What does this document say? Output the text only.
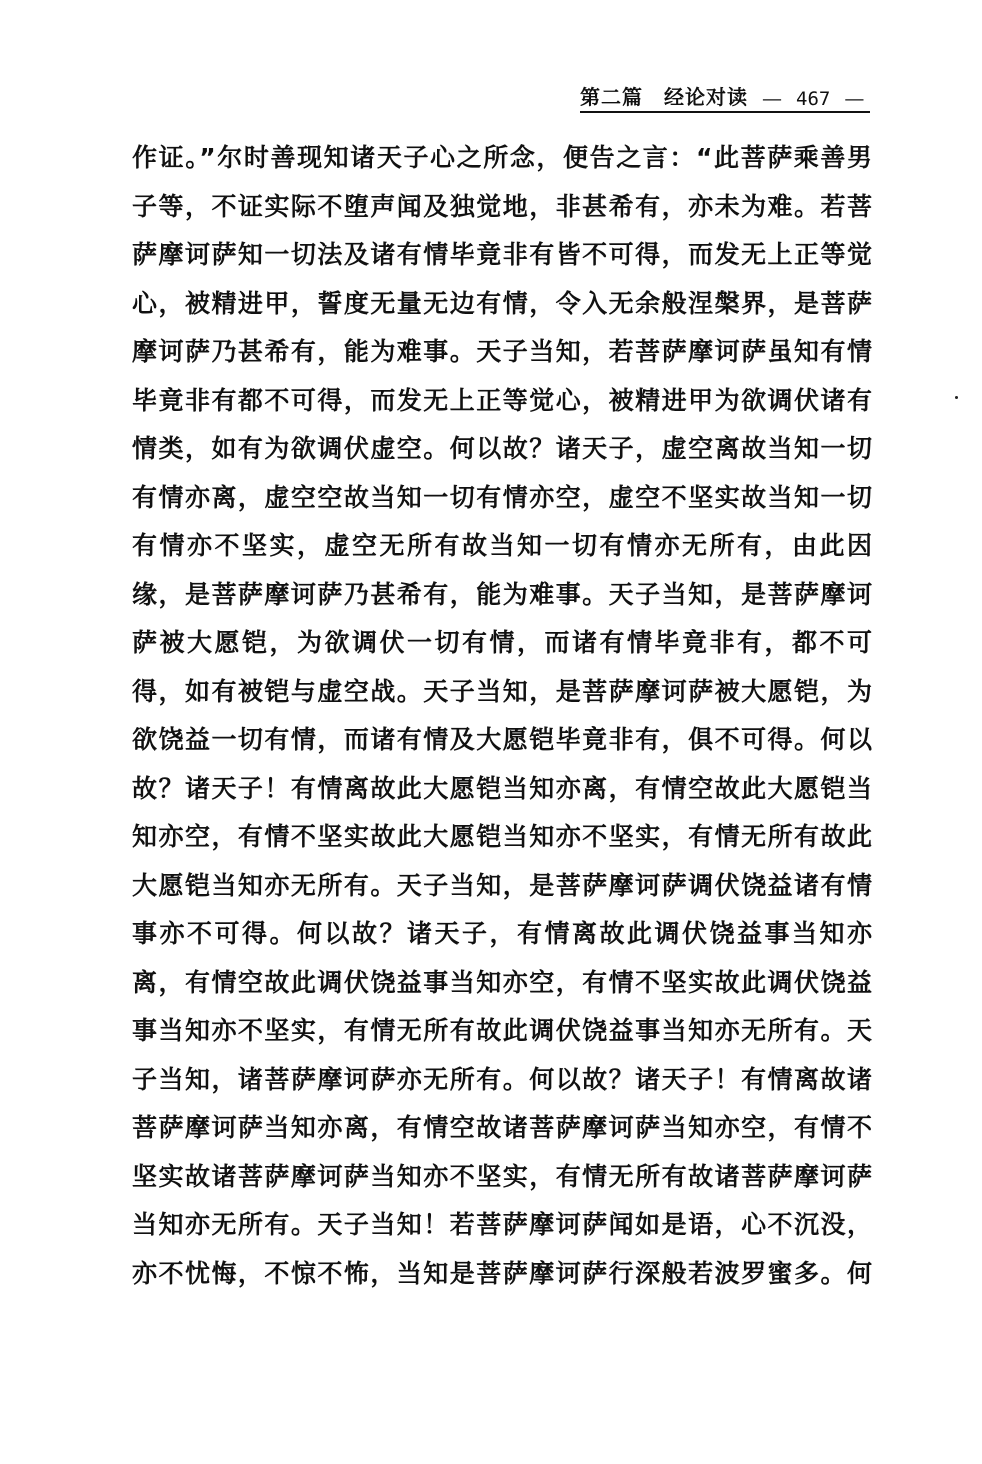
第二篇　经论对读 — 467 —
作证。”尔时善现知诸天子心之所念，便告之言：“此菩萨乘善男
子等，不证实际不堕声闻及独觉地，非甚希有，亦未为难。若菩
萨摩诃萨知一切法及诸有情毕竟非有皆不可得，而发无上正等觉
心，被精进甲，誓度无量无边有情，令入无余般涅槃界，是菩萨
摩诃萨乃甚希有，能为难事。天子当知，若菩萨摩诃萨虽知有情
毕竟非有都不可得，而发无上正等觉心，被精进甲为欲调伏诸有
情类，如有为欲调伏虚空。何以故？诸天子，虚空离故当知一切
有情亦离，虚空空故当知一切有情亦空，虚空不坚实故当知一切
有情亦不坚实，虚空无所有故当知一切有情亦无所有，由此因
缘，是菩萨摩诃萨乃甚希有，能为难事。天子当知，是菩萨摩诃
萨被大愿铠，为欲调伏一切有情，而诸有情毕竟非有，都不可
得，如有被铠与虚空战。天子当知，是菩萨摩诃萨被大愿铠，为
欲饶益一切有情，而诸有情及大愿铠毕竟非有，俱不可得。何以
故？诸天子！有情离故此大愿铠当知亦离，有情空故此大愿铠当
知亦空，有情不坚实故此大愿铠当知亦不坚实，有情无所有故此
大愿铠当知亦无所有。天子当知，是菩萨摩诃萨调伏饶益诸有情
事亦不可得。何以故？诸天子，有情离故此调伏饶益事当知亦
离，有情空故此调伏饶益事当知亦空，有情不坚实故此调伏饶益
事当知亦不坚实，有情无所有故此调伏饶益事当知亦无所有。天
子当知，诸菩萨摩诃萨亦无所有。何以故？诸天子！有情离故诸
菩萨摩诃萨当知亦离，有情空故诸菩萨摩诃萨当知亦空，有情不
坚实故诸菩萨摩诃萨当知亦不坚实，有情无所有故诸菩萨摩诃萨
当知亦无所有。天子当知！若菩萨摩诃萨闻如是语，心不沉没，
亦不忧悔，不惊不怖，当知是菩萨摩诃萨行深般若波罗蜜多。何
